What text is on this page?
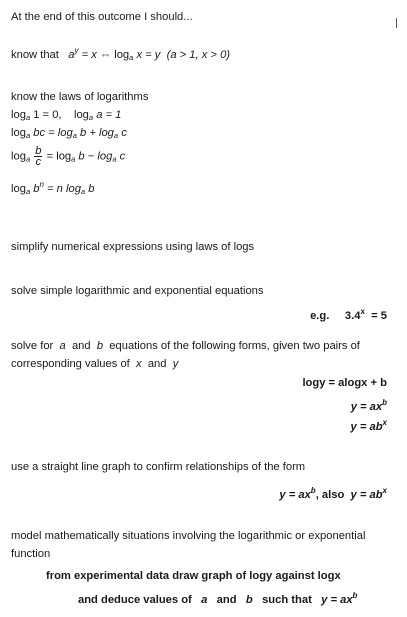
At the end of this outcome I should...
know that $a^y = x$ ⇔ $\log_a x = y$ (a > 1, x > 0)
know the laws of logarithms
$\log_a 1 = 0$, $\log_a a = 1$
$\log_a$ bc = $\log_a b + \log_a c$
$\log_a \frac{b}{c} = \log_a b - \log_a c$
$\log_a b^n = n$ $\log_a b$
simplify numerical expressions using laws of logs
solve simple logarithmic and exponential equations
e.g. $3.4^x = 5$
solve for a and b equations of the following forms, given two pairs of
corresponding values of x and y
logy = alogx + b
$y = ax^b$
$y = ab^x$
use a straight line graph to confirm relationships of the form
$y = ax^b$, also $y = ab^x$
model mathematically situations involving the logarithmic or exponential
function
from experimental data draw graph of logy against logx
and deduce values of a and b such that $y = ax^b$
